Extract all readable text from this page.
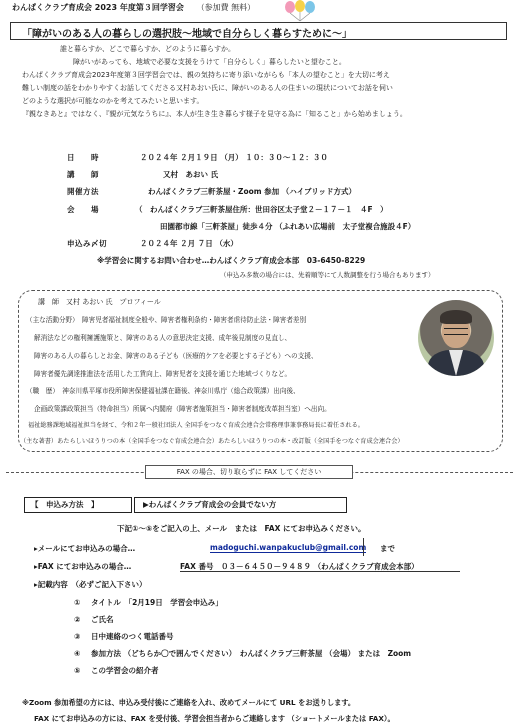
わんぱくクラブ育成会 2023 年度第３回学習会 （参加費 無料）
「障がいのある人の暮らしの選択肢～地域で自分らしく暮らすために～」
誰と暮らすか、どこで暮らすか、どのように暮らすか。
障がいがあっても、地域で必要な支援をうけて「自分らしく」暮らしたいと望むこと。
わんぱくクラブ育成会2023年度第３回学習会では、親の気持ちに寄り添いながらも「本人の望むこと」を大切に考え
難しい制度の話をわかりやすくお話してくださる又村あおい氏に、障がいのある人の住まいの現状についてお話を伺い
どのような選択が可能なのかを考えてみたいと思います。
『親なきあと』ではなく、『親が元気なうちに』、本人が生き生き暮らす様子を見守る為に「知ること」から始めましょう。
日　　時	２０２４年 ２月１９日 （月） １０：３０～１２：３０
講　　師	又村　あおい 氏
開催方法	わんぱくクラブ三軒茶屋・Zoom 参加 （ハイブリッド方式）
会　　場	（　わんぱくクラブ三軒茶屋住所：世田谷区太子堂２－１７－１　４F　）
田園都市線「三軒茶屋」徒歩４分 （ふれあい広場前　太子堂複合施設４F）
申込み〆切	２０２４年 ２月 ７日 （水）
※学習会に関するお問い合わせ…わんぱくクラブ育成会本部　03-6450-8229
（申込み多数の場合には、先着順等にて人数調整を行う場合もあります）
講　師　又村 あおい 氏　プロフィール
（主な活動分野）　障害児者福祉制度全般や、障害者権利条約・障害者虐待防止法・障害者差別
解消法などの権利擁護施策と、障害のある人の意思決定支援、成年後見制度の見直し、
障害のある人の暮らしとお金、障害のある子ども（医療的ケアを必要とする子ども）への支援、
障害者優先調達推進法を活用した工賃向上、障害児者を支援を通じた地域づくりなど。
（職　歴）　神奈川県平塚市役所障害保健福祉課在籍後、神奈川県庁（総合政策課）出向後、
企画政策課政策担当（特命担当）所属へ内閣府（障害者施策担当・障害者制度改革担当室）へ出向。
福祉総務課地域福祉担当を経て、令和２年一般社団法人 全国手をつなぐ育成会連合会常務理事兼事務局長に着任される。
（主な著書）あたらしいほうりつの本（全国手をつなぐ育成会連合会）あたらしいほうりつの本・改訂版（全国手をつなぐ育成会連合会）
FAX の場合、切り取らずに FAX してください
【　申込み方法　】	▶わんぱくクラブ育成会の会員でない方
下記①～⑤をご記入の上、メール　または　FAX にてお申込みください。
▸メールにてお申込みの場合…	madoguchi.wanpakuclub@gmail.com まで
▸FAX にてお申込みの場合…	FAX 番号　０３－６４５０－９４８９ （わんぱくクラブ育成会本部）
▸記載内容　（必ずご記入下さい）
① タイトル　「2月19日　学習会申込み」
② ご氏名
③ 日中連絡のつく電話番号
④ 参加方法 （どちらか〇で囲んでください）　わんぱくクラブ三軒茶屋 （会場） または　Zoom
⑤ この学習会の紹介者
※Zoom 参加希望の方には、申込み受付後にご連絡を入れ、改めてメールにて URL をお送りします。
FAX にてお申込みの方には、FAX を受付後、学習会担当者からご連絡します （ショートメールまたは FAX）。
